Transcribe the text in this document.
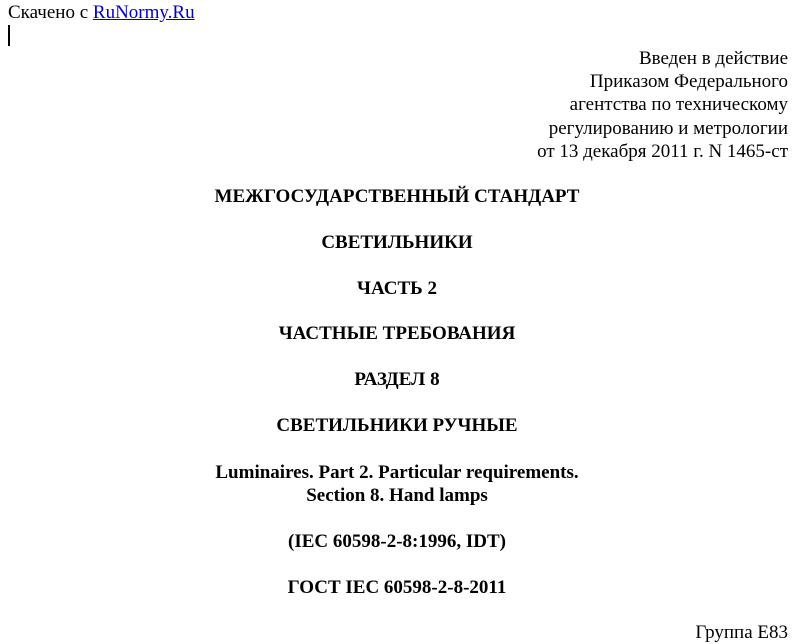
Скачено с RuNormy.Ru
Введен в действие
Приказом Федерального
агентства по техническому
регулированию и метрологии
от 13 декабря 2011 г. N 1465-ст
МЕЖГОСУДАРСТВЕННЫЙ СТАНДАРТ
СВЕТИЛЬНИКИ
ЧАСТЬ 2
ЧАСТНЫЕ ТРЕБОВАНИЯ
РАЗДЕЛ 8
СВЕТИЛЬНИКИ РУЧНЫЕ
Luminaires. Part 2. Particular requirements.
Section 8. Hand lamps
(IEC 60598-2-8:1996, IDT)
ГОСТ IEC 60598-2-8-2011
Группа Е83
